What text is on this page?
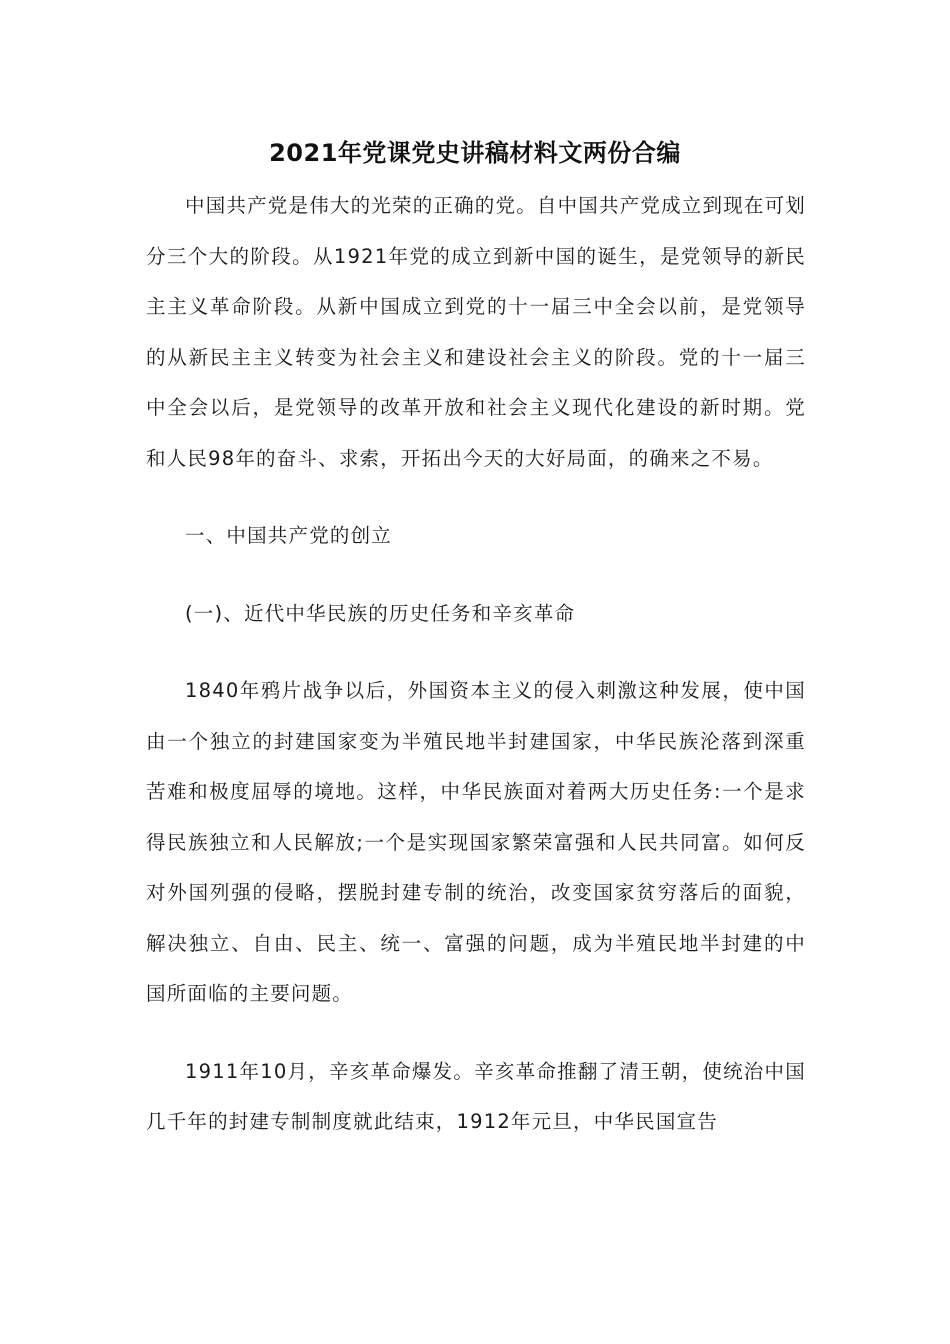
2021年党课党史讲稿材料文两份合编

中国共产党是伟大的光荣的正确的党。自中国共产党成立到现在可划分三个大的阶段。从1921年党的成立到新中国的诞生，是党领导的新民主主义革命阶段。从新中国成立到党的十一届三中全会以前，是党领导的从新民主主义转变为社会主义和建设社会主义的阶段。党的十一届三中全会以后，是党领导的改革开放和社会主义现代化建设的新时期。党和人民98年的奋斗、求索，开拓出今天的大好局面，的确来之不易。

一、中国共产党的创立

(一)、近代中华民族的历史任务和辛亥革命

1840年鸦片战争以后，外国资本主义的侵入刺激这种发展，使中国由一个独立的封建国家变为半殖民地半封建国家，中华民族沦落到深重苦难和极度屈辱的境地。这样，中华民族面对着两大历史任务:一个是求得民族独立和人民解放;一个是实现国家繁荣富强和人民共同富。如何反对外国列强的侵略，摆脱封建专制的统治，改变国家贫穷落后的面貌，解决独立、自由、民主、统一、富强的问题，成为半殖民地半封建的中国所面临的主要问题。

1911年10月，辛亥革命爆发。辛亥革命推翻了清王朝，使统治中国几千年的封建专制制度就此结束，1912年元旦，中华民国宣告
